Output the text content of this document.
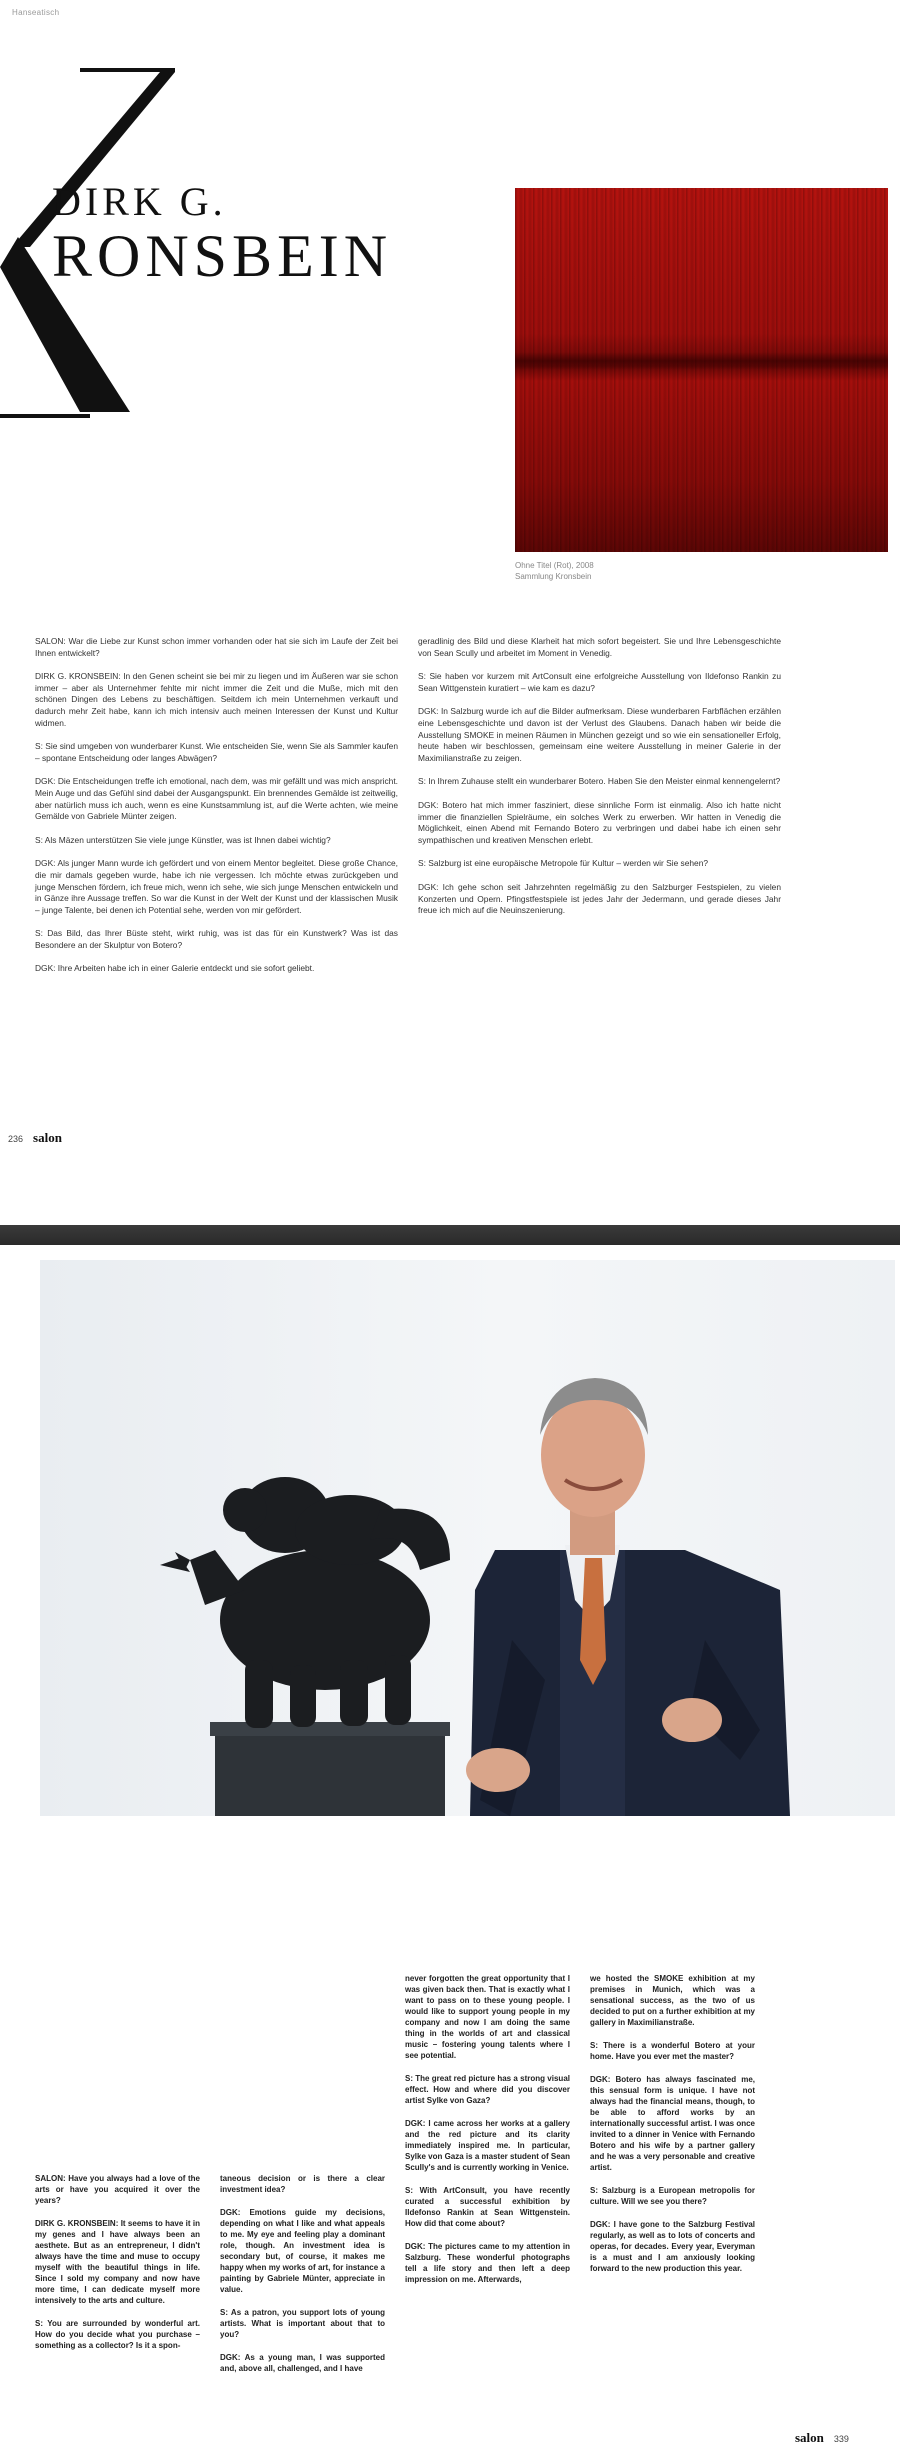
Hanseatisch
DIRK G.
RONSBEIN
Ohne Titel (Rot), 2008
Sammlung Kronsbein

SALON: War die Liebe zur Kunst schon immer vorhanden oder hat sie sich im Laufe der Zeit bei Ihnen entwickelt?

DIRK G. KRONSBEIN: In den Genen scheint sie bei mir zu liegen und im Äußeren war sie schon immer – aber als Unternehmer fehlte mir nicht immer die Zeit und die Muße, mich mit den schönen Dingen des Lebens zu beschäftigen. Seitdem ich mein Unternehmen verkauft und dadurch mehr Zeit habe, kann ich mich intensiv auch meinen Interessen der Kunst und Kultur widmen.

S: Sie sind umgeben von wunderbarer Kunst. Wie entscheiden Sie, wenn Sie als Sammler kaufen – spontane Entscheidung oder langes Abwägen?

DGK: Die Entscheidungen treffe ich emotional, nach dem, was mir gefällt und was mich anspricht. Mein Auge und das Gefühl sind dabei der Ausgangspunkt. Ein brennendes Gemälde ist zeitweilig, aber natürlich muss ich auch, wenn es eine Kunstsammlung ist, auf die Werte achten, wie meine Gemälde von Gabriele Münter zeigen.

S: Als Mäzen unterstützen Sie viele junge Künstler, was ist Ihnen dabei wichtig?

DGK: Als junger Mann wurde ich gefördert und von einem Mentor begleitet. Diese große Chance, die mir damals gegeben wurde, habe ich nie vergessen. Ich möchte etwas zurückgeben und junge Menschen fördern, ich freue mich, wenn ich sehe, wie sich junge Menschen entwickeln und in Gänze ihre Aussage treffen. So war die Kunst in der Welt der Kunst und der klassischen Musik – junge Talente, bei denen ich Potential sehe, werden von mir gefördert.

S: Das Bild, das Ihrer Büste steht, wirkt ruhig, was ist das für ein Kunstwerk? Was ist das Besondere an der Skulptur von Botero?

DGK: Ihre Arbeiten habe ich in einer Galerie entdeckt und sie sofort geliebt.

geradlinig des Bild und diese Klarheit hat mich sofort begeistert. Sie und Ihre Lebensgeschichte von Sean Scully und arbeitet im Moment in Venedig.

S: Sie haben vor kurzem mit ArtConsult eine erfolgreiche Ausstellung von Ildefonso Rankin zu Sean Wittgenstein kuratiert – wie kam es dazu?

DGK: In Salzburg wurde ich auf die Bilder aufmerksam. Diese wunderbaren Farbflächen erzählen eine Lebensgeschichte und davon ist der Verlust des Glaubens. Danach haben wir beide die Ausstellung SMOKE in meinen Räumen in München gezeigt und so wie ein sensationeller Erfolg, heute haben wir beschlossen, gemeinsam eine weitere Ausstellung in meiner Galerie in der Maximilianstraße zu zeigen.

S: In Ihrem Zuhause stellt ein wunderbarer Botero. Haben Sie den Meister einmal kennengelernt?

DGK: Botero hat mich immer fasziniert, diese sinnliche Form ist einmalig. Also ich hatte nicht immer die finanziellen Spielräume, ein solches Werk zu erwerben. Wir hatten in Venedig die Möglichkeit, einen Abend mit Fernando Botero zu verbringen und dabei habe ich einen sehr sympathischen und kreativen Menschen erlebt.

S: Salzburg ist eine europäische Metropole für Kultur – werden wir Sie sehen?

DGK: Ich gehe schon seit Jahrzehnten regelmäßig zu den Salzburger Festspielen, zu vielen Konzerten und Opern. Pfingstfestspiele ist jedes Jahr der Jedermann, und gerade dieses Jahr freue ich mich auf die Neuinszenierung.

236 salon

SALON: Have you always had a love of the arts or have you acquired it over the years?

DIRK G. KRONSBEIN: It seems to have it in my genes and I have always been an aesthete. But as an entrepreneur, I didn't always have the time and muse to occupy myself with the beautiful things in life. Since I sold my company and now have more time, I can dedicate myself more intensively to the arts and culture.

S: You are surrounded by wonderful art. How do you decide what you purchase – something as a collector? Is it a spon-

taneous decision or is there a clear investment idea?

DGK: Emotions guide my decisions, depending on what I like and what appeals to me. My eye and feeling play a dominant role, though. An investment idea is secondary but, of course, it makes me happy when my works of art, for instance a painting by Gabriele Münter, appreciate in value.

S: As a patron, you support lots of young artists. What is important about that to you?

DGK: As a young man, I was supported and, above all, challenged, and I have

never forgotten the great opportunity that I was given back then. That is exactly what I want to pass on to these young people. I would like to support young people in my company and now I am doing the same thing in the worlds of art and classical music – fostering young talents where I see potential.

S: The great red picture has a strong visual effect. How and where did you discover artist Sylke von Gaza?

DGK: I came across her works at a gallery and the red picture and its clarity immediately inspired me. In particular, Sylke von Gaza is a master student of Sean Scully's and is currently working in Venice.

S: With ArtConsult, you have recently curated a successful exhibition by Ildefonso Rankin at Sean Wittgenstein. How did that come about?

DGK: The pictures came to my attention in Salzburg. These wonderful photographs tell a life story and then left a deep impression on me. Afterwards,

we hosted the SMOKE exhibition at my premises in Munich, which was a sensational success, as the two of us decided to put on a further exhibition at my gallery in Maximilianstraße.

S: There is a wonderful Botero at your home. Have you ever met the master?

DGK: Botero has always fascinated me, this sensual form is unique. I have not always had the financial means, though, to be able to afford works by an internationally successful artist. I was once invited to a dinner in Venice with Fernando Botero and his wife by a partner gallery and he was a very personable and creative artist.

S: Salzburg is a European metropolis for culture. Will we see you there?

DGK: I have gone to the Salzburg Festival regularly, as well as to lots of concerts and operas, for decades. Every year, Everyman is a must and I am anxiously looking forward to the new production this year.

salon 339
